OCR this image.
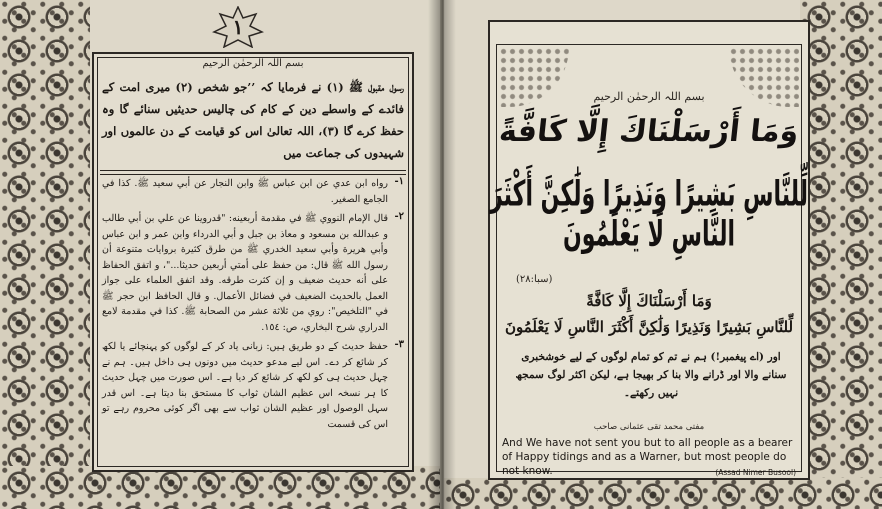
١
بسم اللہ الرحمٰن الرحیم
رسول مقبول ﷺ (١) نے فرمایا کہ ’’جو شخص (٢) میری امت کے فائدے کے واسطے دین کے کام کی چالیس حدیثیں سنائے گا وہ حفظ کرے گا (٣)، اللہ تعالیٰ اس کو قیامت کے دن عالموں اور شہیدوں کی جماعت میں
١-
رواه ابن عدي عن ابن عباس ﷺ وابن النجار عن أبي سعيد ﷺ. كذا في الجامع الصغير.
٢-
قال الإمام النووي ﷺ في مقدمة أربعينه: "قدروينا عن علي بن أبي طالب و عبدالله بن مسعود و معاذ بن جبل و أبي الدرداء وابن عمر و ابن عباس وأبي هريرة وأبي سعيد الخدري ﷺ من طرق كثيرة بروايات متنوعة أن رسول الله ﷺ قال: من حفظ على أمتي أربعين حديثا..."، و اتفق الحفاظ على أنه حديث ضعيف و إن كثرت طرقه. وقد اتفق العلماء على جواز العمل بالحديث الضعيف في فضائل الأعمال. و قال الحافظ ابن حجر ﷺ في "التلخيص": روي من ثلاثة عشر من الصحابة ﷺ. كذا في مقدمة لامع الدراري شرح البخاري، ص: ١٥٤.
٣-
حفظ حدیث کے دو طریق ہیں: زبانی یاد کر کے لوگوں کو پہنچائے یا لکھ کر شائع کر دے۔ اس لیے مدعو حدیث میں دونوں ہی داخل ہیں۔ ہم نے چہل حدیث ہی کو لکھ کر شائع کر دیا ہے۔ اس صورت میں چہل حدیث کا ہر نسخہ اس عظیم الشان ثواب کا مستحق بنا دیتا ہے۔ اس قدر سہل الوصول اور عظیم الشان ثواب سے بھی اگر کوئی محروم رہے تو اس کی قسمت
بسم اللہ الرحمٰن الرحیم
وَمَا أَرْسَلْنَاكَ إِلَّا كَافَّةً
لِّلنَّاسِ بَشِيرًا وَنَذِيرًا وَلَٰكِنَّ أَكْثَرَ النَّاسِ لَا يَعْلَمُونَ
(سبا:٢٨)
وَمَا أَرْسَلْنَاكَ إِلَّا كَافَّةً
لِّلنَّاسِ بَشِيرًا وَنَذِيرًا وَلَٰكِنَّ أَكْثَرَ النَّاسِ لَا يَعْلَمُونَ
اور (اے پیغمبر!) ہم نے تم کو تمام لوگوں کے لیے خوشخبری سنانے والا اور ڈرانے والا بنا کر بھیجا ہے، لیکن اکثر لوگ سمجھ نہیں رکھتے۔
مفتی محمد تقی عثمانی صاحب
And We have not sent you but to all people as a bearer of Happy tidings and as a Warner, but most people do not know.	(Assad Nimer Busool)
